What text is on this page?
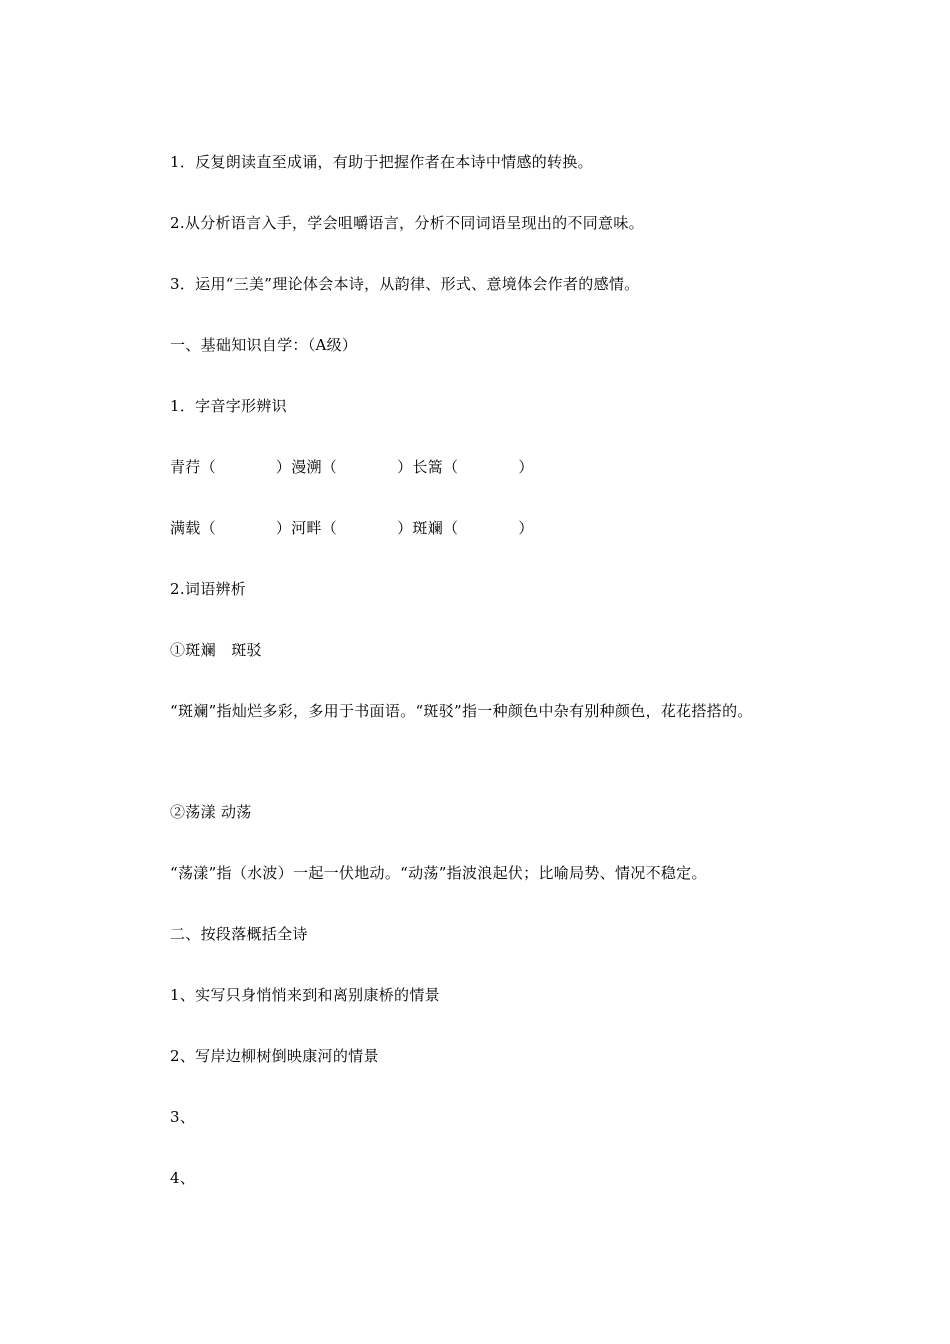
1．反复朗读直至成诵，有助于把握作者在本诗中情感的转换。
2.从分析语言入手，学会咀嚼语言，分析不同词语呈现出的不同意味。
3．运用“三美”理论体会本诗，从韵律、形式、意境体会作者的感情。
一、基础知识自学：（A级）
1．字音字形辨识
青荇（	）漫溯（	）长篙（	）
满载（	）河畔（	）斑斓（	）
2.词语辨析
①斑斓　斑驳
“斑斓”指灿烂多彩，多用于书面语。“斑驳”指一种颜色中杂有别种颜色，花花搭搭的。
②荡漾 动荡
“荡漾”指（水波）一起一伏地动。“动荡”指波浪起伏；比喻局势、情况不稳定。
二、按段落概括全诗
1、实写只身悄悄来到和离别康桥的情景
2、写岸边柳树倒映康河的情景
3、
4、
